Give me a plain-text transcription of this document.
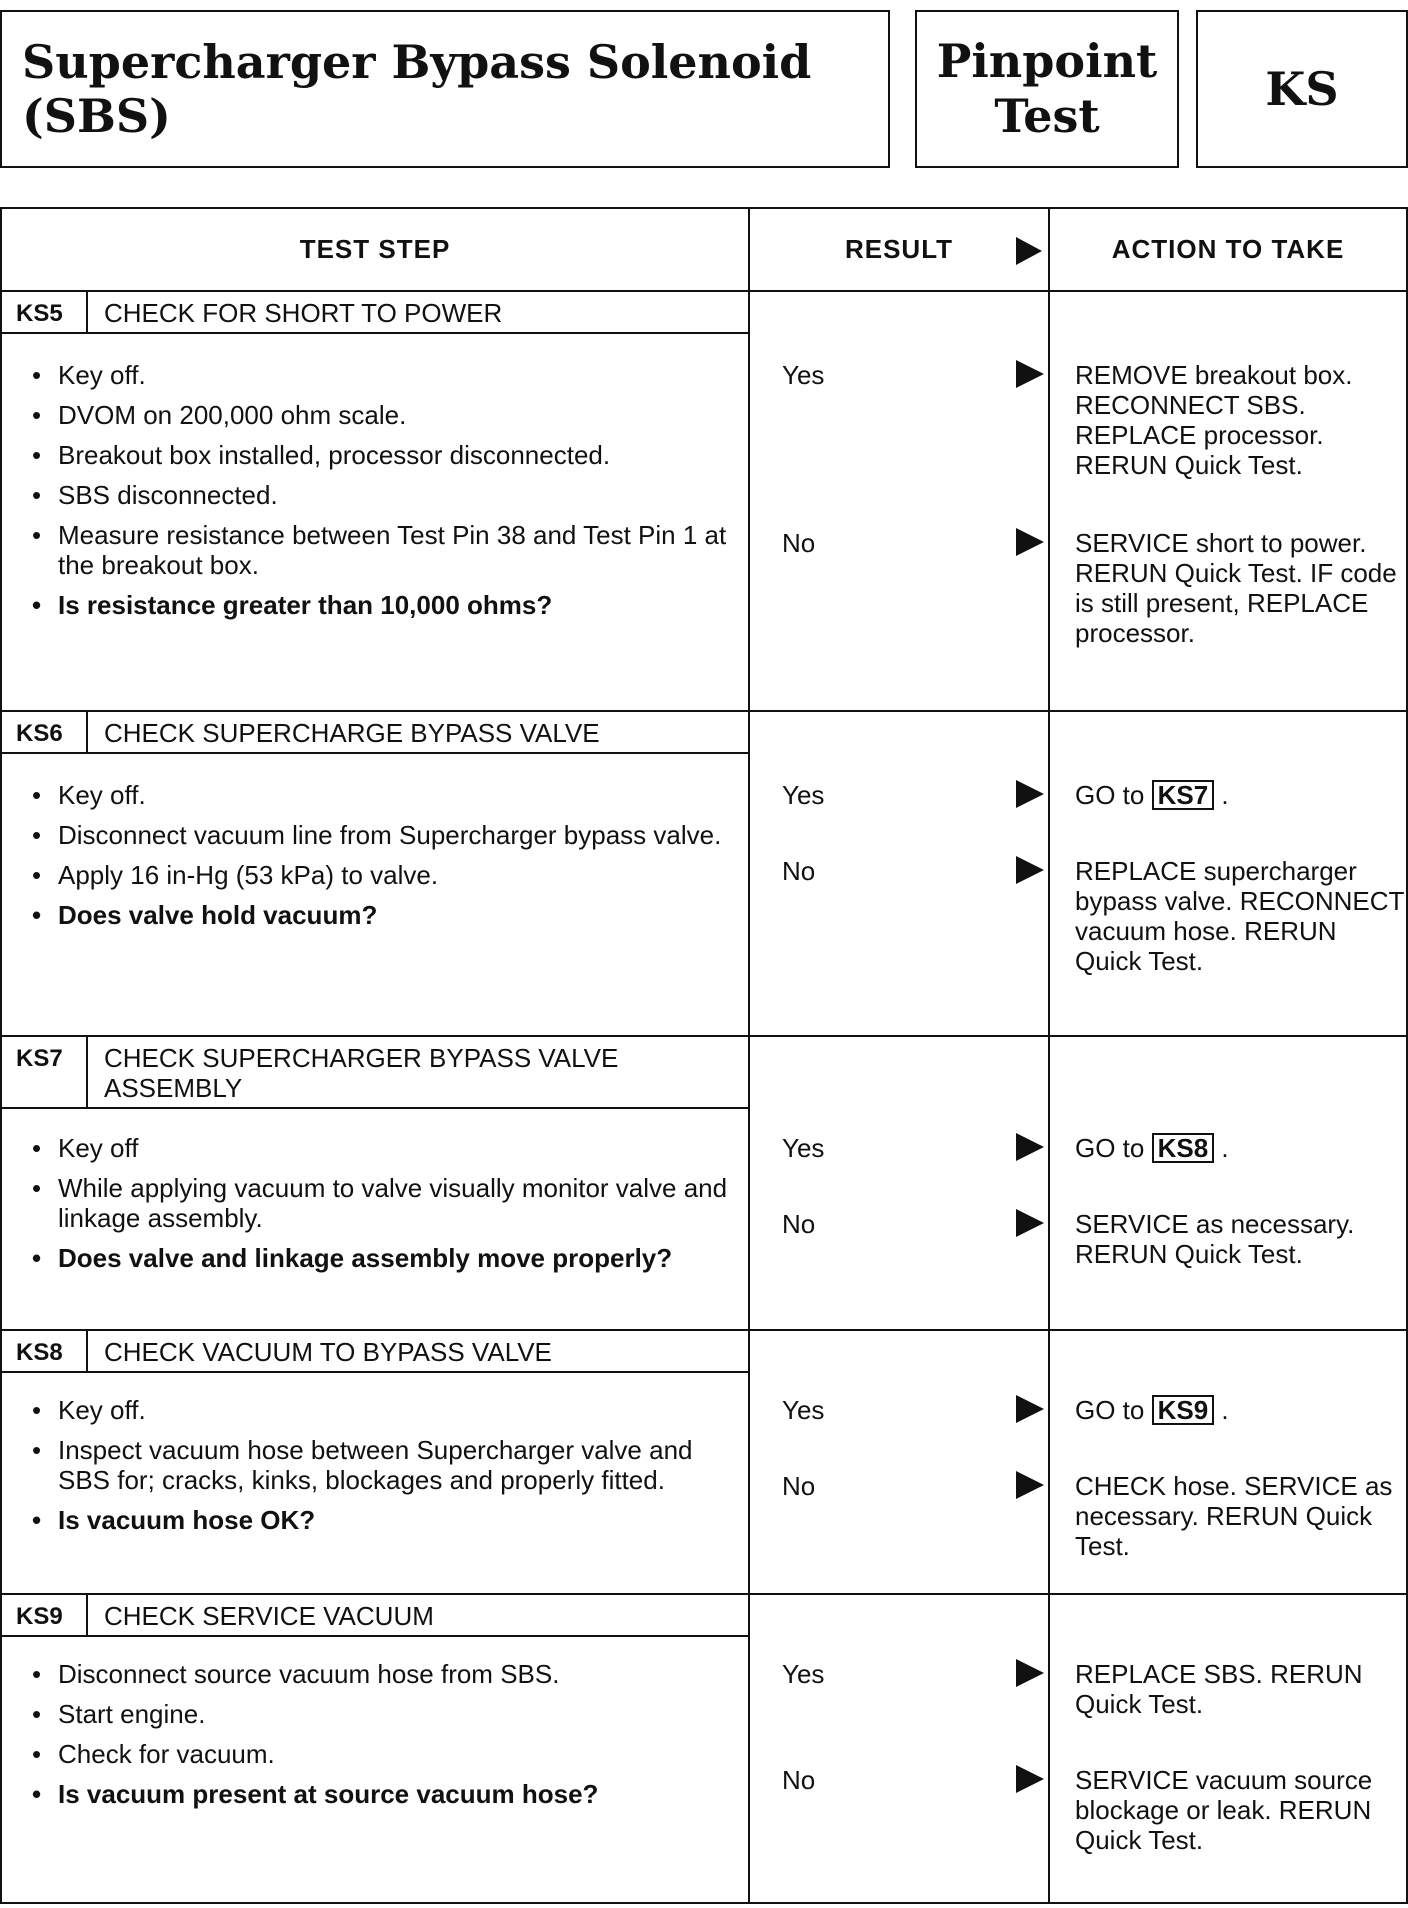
Supercharger Bypass Solenoid (SBS)
Pinpoint
Test	KS
TEST STEP	RESULT	ACTION TO TAKE
KS5	CHECK FOR SHORT TO POWER
• Key off.
• DVOM on 200,000 ohm scale.
• Breakout box installed, processor disconnected.
• SBS disconnected.
• Measure resistance between Test Pin 38 and Test Pin 1 at the breakout box.
• Is resistance greater than 10,000 ohms?
Yes	REMOVE breakout box. RECONNECT SBS. REPLACE processor. RERUN Quick Test.
No	SERVICE short to power. RERUN Quick Test. IF code is still present, REPLACE processor.
KS6	CHECK SUPERCHARGE BYPASS VALVE
• Key off.
• Disconnect vacuum line from Supercharger bypass valve.
• Apply 16 in-Hg (53 kPa) to valve.
• Does valve hold vacuum?
Yes	GO to KS7 .
No	REPLACE supercharger bypass valve. RECONNECT vacuum hose. RERUN Quick Test.
KS7	CHECK SUPERCHARGER BYPASS VALVE ASSEMBLY
• Key off
• While applying vacuum to valve visually monitor valve and linkage assembly.
• Does valve and linkage assembly move properly?
Yes	GO to KS8 .
No	SERVICE as necessary. RERUN Quick Test.
KS8	CHECK VACUUM TO BYPASS VALVE
• Key off.
• Inspect vacuum hose between Supercharger valve and SBS for; cracks, kinks, blockages and properly fitted.
• Is vacuum hose OK?
Yes	GO to KS9 .
No	CHECK hose. SERVICE as necessary. RERUN Quick Test.
KS9	CHECK SERVICE VACUUM
• Disconnect source vacuum hose from SBS.
• Start engine.
• Check for vacuum.
• Is vacuum present at source vacuum hose?
Yes	REPLACE SBS. RERUN Quick Test.
No	SERVICE vacuum source blockage or leak. RERUN Quick Test.
